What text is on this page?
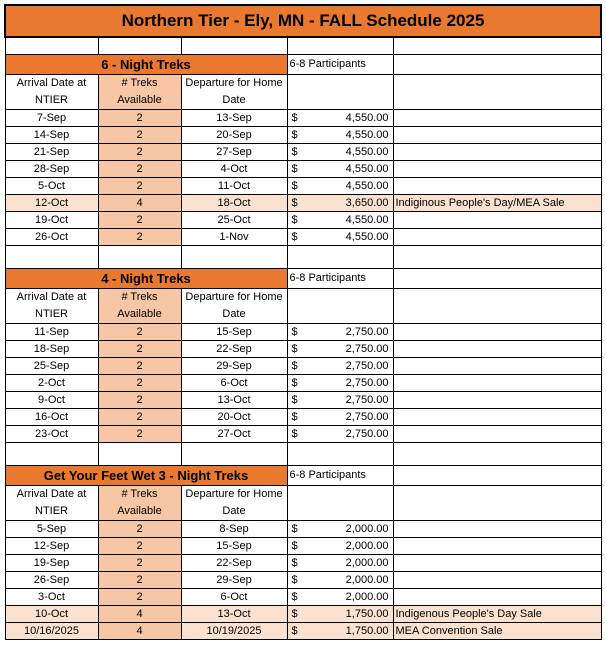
Northern Tier - Ely, MN - FALL Schedule 2025					

6 - Night Treks			6-8 Participants		
Arrival Date at NTIER	# Treks Available	Departure for Home Date			
7-Sep	2	13-Sep	$	4,550.00	
14-Sep	2	20-Sep	$	4,550.00	
21-Sep	2	27-Sep	$	4,550.00	
28-Sep	2	4-Oct	$	4,550.00	
5-Oct	2	11-Oct	$	4,550.00	
12-Oct	4	18-Oct	$	3,650.00	Indiginous People's Day/MEA Sale
19-Oct	2	25-Oct	$	4,550.00	
26-Oct	2	1-Nov	$	4,550.00	

4 - Night Treks			6-8 Participants		
Arrival Date at NTIER	# Treks Available	Departure for Home Date			
11-Sep	2	15-Sep	$	2,750.00	
18-Sep	2	22-Sep	$	2,750.00	
25-Sep	2	29-Sep	$	2,750.00	
2-Oct	2	6-Oct	$	2,750.00	
9-Oct	2	13-Oct	$	2,750.00	
16-Oct	2	20-Oct	$	2,750.00	
23-Oct	2	27-Oct	$	2,750.00	

Get Your Feet Wet 3 - Night Treks			6-8 Participants		
Arrival Date at NTIER	# Treks Available	Departure for Home Date			
5-Sep	2	8-Sep	$	2,000.00	
12-Sep	2	15-Sep	$	2,000.00	
19-Sep	2	22-Sep	$	2,000.00	
26-Sep	2	29-Sep	$	2,000.00	
3-Oct	2	6-Oct	$	2,000.00	
10-Oct	4	13-Oct	$	1,750.00	Indigenous People's Day Sale
10/16/2025	4	10/19/2025	$	1,750.00	MEA Convention Sale
